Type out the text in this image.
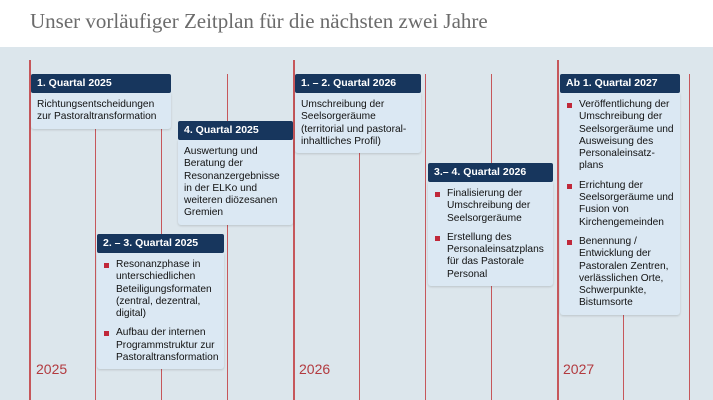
Unser vorläufiger Zeitplan für die nächsten zwei Jahre
2025	2026	2027
1. Quartal 2025
Richtungsentscheidungen zur Pastoraltransformation
4. Quartal 2025
Auswertung und Beratung der Resonanzergebnisse in der ELKo und weiteren diözesanen Gremien
2. – 3. Quartal 2025
Resonanzphase in unterschiedlichen Beteiligungsformaten (zentral, dezentral, digital)
Aufbau der internen Programmstruktur zur Pastoraltransformation
1. – 2. Quartal 2026
Umschreibung der Seelsorgeräume (territorial und pastoral-inhaltliches Profil)
3.– 4. Quartal 2026
Finalisierung der Umschreibung der Seelsorgeräume
Erstellung des Personaleinsatzplans für das Pastorale Personal
Ab 1. Quartal 2027
Veröffentlichung der Umschreibung der Seelsorgeräume und Ausweisung des Personaleinsatz-plans
Errichtung der Seelsorgeräume und Fusion von Kirchengemeinden
Benennung / Entwicklung der Pastoralen Zentren, verlässlichen Orte, Schwerpunkte, Bistumsorte
